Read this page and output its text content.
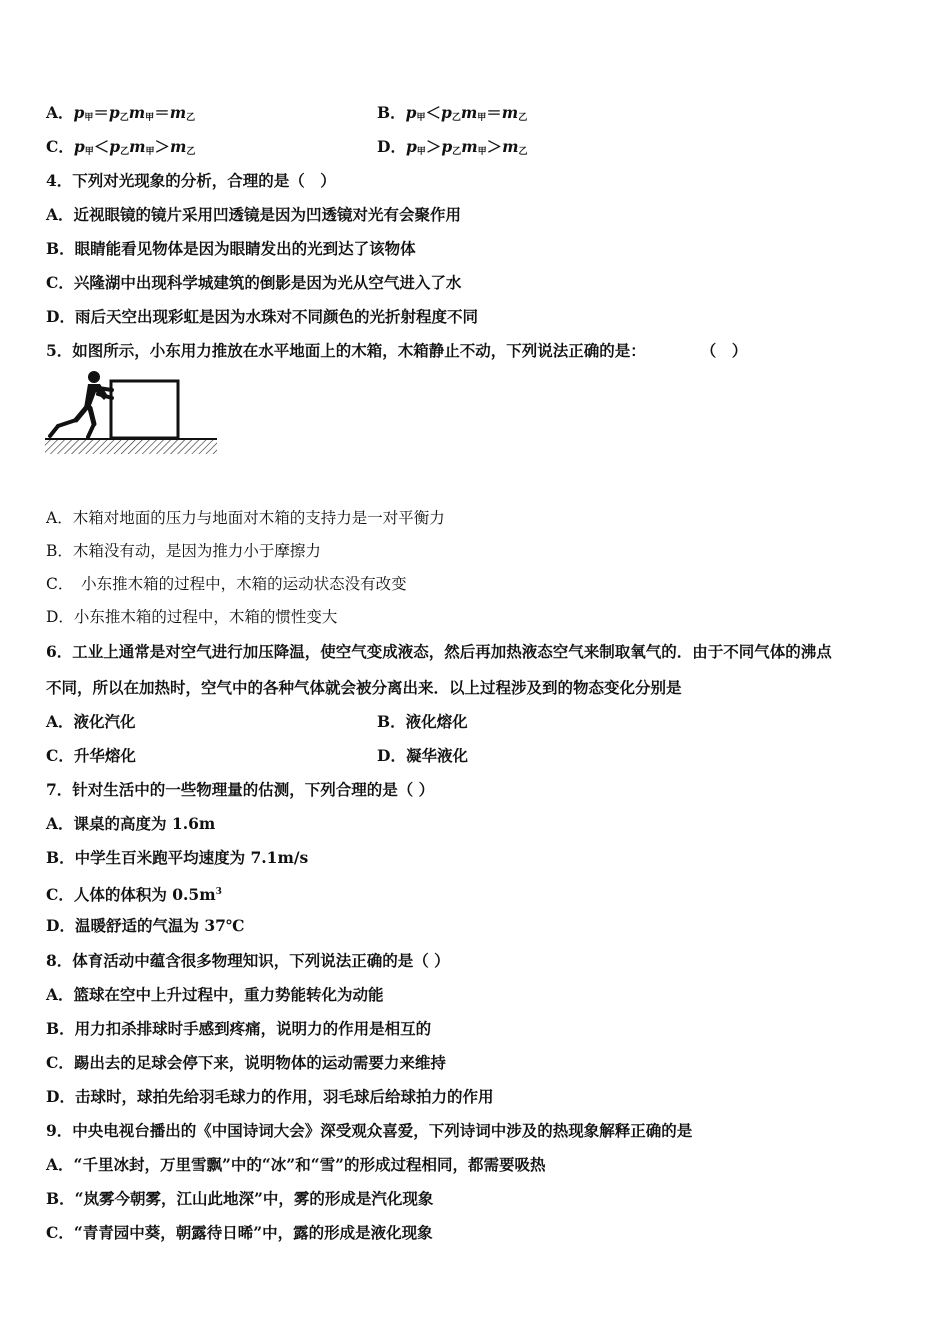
A．$p_甲=p_乙m_甲=m_乙$	B．$p_甲<p_乙m_甲=m_乙$
C．$p_甲<p_乙m_甲>m_乙$	D．$p_甲>p_乙m_甲>m_乙$
4．下列对光现象的分析，合理的是（　）
A．近视眼镜的镜片采用凹透镜是因为凹透镜对光有会聚作用
B．眼睛能看见物体是因为眼睛发出的光到达了该物体
C．兴隆湖中出现科学城建筑的倒影是因为光从空气进入了水
D．雨后天空出现彩虹是因为水珠对不同颜色的光折射程度不同
5．如图所示，小东用力推放在水平地面上的木箱，木箱静止不动，下列说法正确的是：	（　）
A．木箱对地面的压力与地面对木箱的支持力是一对平衡力
B．木箱没有动，是因为推力小于摩擦力
C．　小东推木箱的过程中，木箱的运动状态没有改变
D．小东推木箱的过程中，木箱的惯性变大
6．工业上通常是对空气进行加压降温，使空气变成液态，然后再加热液态空气来制取氧气的．由于不同气体的沸点
不同，所以在加热时，空气中的各种气体就会被分离出来．以上过程涉及到的物态变化分别是
A．液化汽化	B．液化熔化
C．升华熔化	D．凝华液化
7．针对生活中的一些物理量的估测，下列合理的是（ ）
A．课桌的高度为 1.6m
B．中学生百米跑平均速度为 7.1m/s
C．人体的体积为 $0.5m^3$
D．温暖舒适的气温为 37℃
8．体育活动中蕴含很多物理知识，下列说法正确的是（ ）
A．篮球在空中上升过程中，重力势能转化为动能
B．用力扣杀排球时手感到疼痛，说明力的作用是相互的
C．踢出去的足球会停下来，说明物体的运动需要力来维持
D．击球时，球拍先给羽毛球力的作用，羽毛球后给球拍力的作用
9．中央电视台播出的《中国诗词大会》深受观众喜爱，下列诗词中涉及的热现象解释正确的是
A．“千里冰封，万里雪飘”中的“冰”和“雪”的形成过程相同，都需要吸热
B．“岚雾今朝雾，江山此地深”中，雾的形成是汽化现象
C．“青青园中葵，朝露待日晞”中，露的形成是液化现象
